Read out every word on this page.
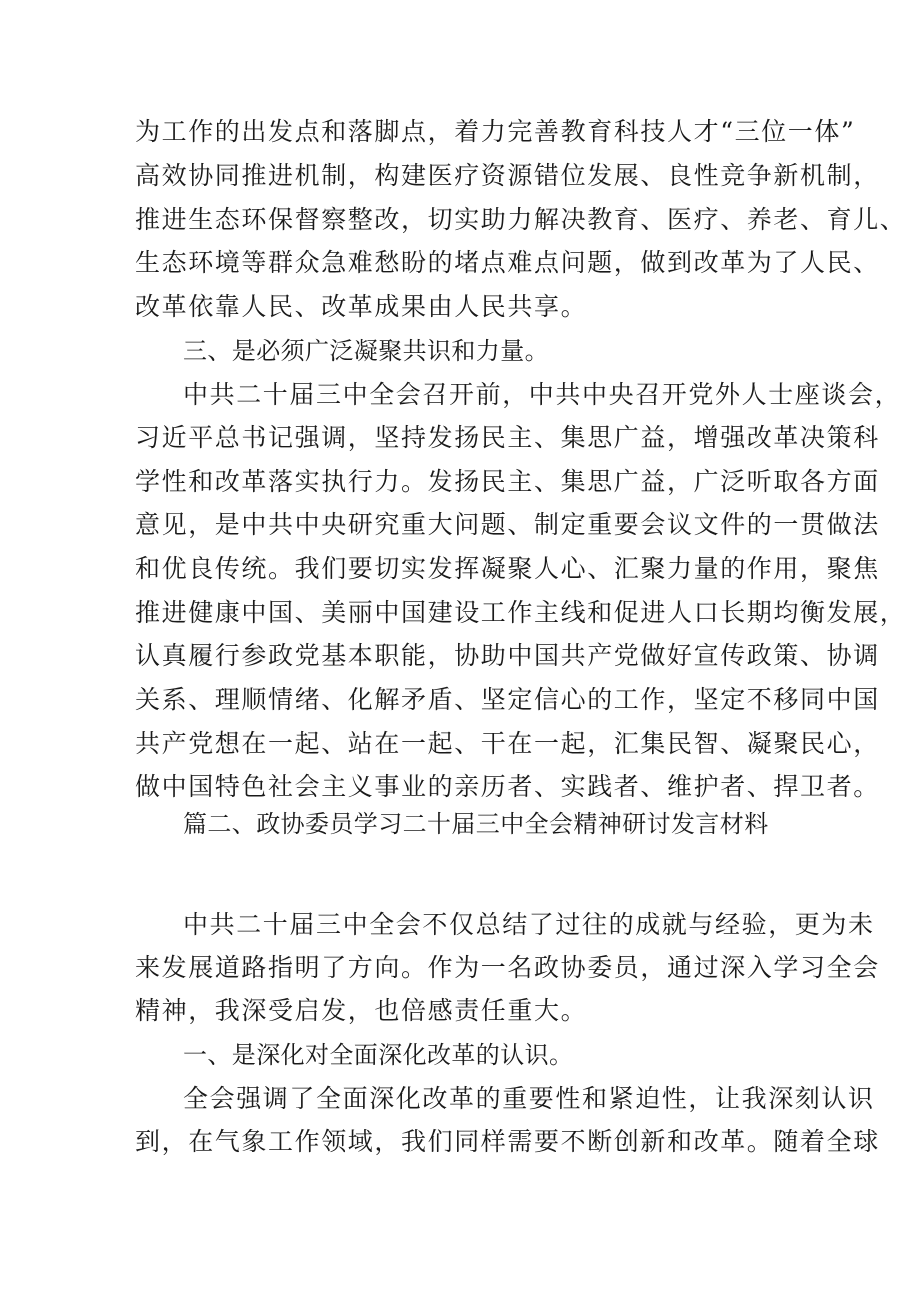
为工作的出发点和落脚点，着力完善教育科技人才“三位一体”
高效协同推进机制，构建医疗资源错位发展、良性竞争新机制，
推进生态环保督察整改，切实助力解决教育、医疗、养老、育儿、
生态环境等群众急难愁盼的堵点难点问题，做到改革为了人民、
改革依靠人民、改革成果由人民共享。
三、是必须广泛凝聚共识和力量。
中共二十届三中全会召开前，中共中央召开党外人士座谈会，
习近平总书记强调，坚持发扬民主、集思广益，增强改革决策科
学性和改革落实执行力。发扬民主、集思广益，广泛听取各方面
意见，是中共中央研究重大问题、制定重要会议文件的一贯做法
和优良传统。我们要切实发挥凝聚人心、汇聚力量的作用，聚焦
推进健康中国、美丽中国建设工作主线和促进人口长期均衡发展，
认真履行参政党基本职能，协助中国共产党做好宣传政策、协调
关系、理顺情绪、化解矛盾、坚定信心的工作，坚定不移同中国
共产党想在一起、站在一起、干在一起，汇集民智、凝聚民心，
做中国特色社会主义事业的亲历者、实践者、维护者、捍卫者。
篇二、政协委员学习二十届三中全会精神研讨发言材料
中共二十届三中全会不仅总结了过往的成就与经验，更为未
来发展道路指明了方向。作为一名政协委员，通过深入学习全会
精神，我深受启发，也倍感责任重大。
一、是深化对全面深化改革的认识。
全会强调了全面深化改革的重要性和紧迫性，让我深刻认识
到，在气象工作领域，我们同样需要不断创新和改革。随着全球
